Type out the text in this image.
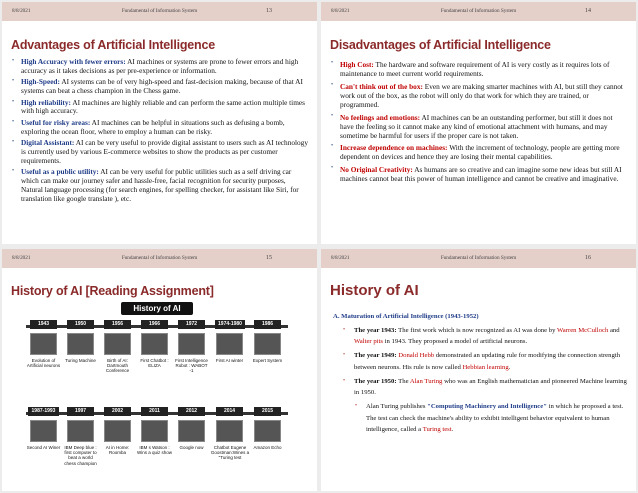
8/8/2021	Fundamental of Information System	13
Advantages of Artificial Intelligence
• High Accuracy with fewer errors: AI machines or systems are prone to fewer errors and high accuracy as it takes decisions as per pre-experience or information.
• High-Speed: AI systems can be of very high-speed and fast-decision making, because of that AI systems can beat a chess champion in the Chess game.
• High reliability: AI machines are highly reliable and can perform the same action multiple times with high accuracy.
• Useful for risky areas: AI machines can be helpful in situations such as defusing a bomb, exploring the ocean floor, where to employ a human can be risky.
• Digital Assistant: AI can be very useful to provide digital assistant to users such as AI technology is currently used by various E-commerce websites to show the products as per customer requirements.
• Useful as a public utility: AI can be very useful for public utilities such as a self driving car which can make our journey safer and hassle-free, facial recognition for security purposes, Natural language processing (for search engines, for spelling checker, for assistant like Siri, for translation like google translate ), etc.
8/8/2021	Fundamental of Information System	14
Disadvantages of Artificial Intelligence
• High Cost: The hardware and software requirement of AI is very costly as it requires lots of maintenance to meet current world requirements.
• Can't think out of the box: Even we are making smarter machines with AI, but still they cannot work out of the box, as the robot will only do that work for which they are trained, or programmed.
• No feelings and emotions: AI machines can be an outstanding performer, but still it does not have the feeling so it cannot make any kind of emotional attachment with humans, and may sometime be harmful for users if the proper care is not taken.
• Increase dependence on machines: With the increment of technology, people are getting more dependent on devices and hence they are losing their mental capabilities.
• No Original Creativity: As humans are so creative and can imagine some new ideas but still AI machines cannot beat this power of human intelligence and cannot be creative and imaginative.
8/8/2021	Fundamental of Information System	15
History of AI [Reading Assignment]
History of AI
1943
Evolution of Artificial neurons
1950
Turing Machine
1956
Birth of AI: Dartmouth Conference
1966
First Chatbot : ELIZA
1972
First Intelligence Robot : WABOT -1
1974-1980
First AI winter
1986
Expert System
1987-1993
Second AI Winer
1997
IBM Deep blue : first computer to beat a world chess champion
2002
AI in Home: Roomba
2011
IBM s Watson : Wins a quiz show
2012
Google now
2014
Chatbot Eugene Goostman:Wines a "Turing test
2015
Amazon Echo
8/8/2021	Fundamental of Information System	16
History of AI
A. Maturation of Artificial Intelligence (1943-1952)
• The year 1943: The first work which is now recognized as AI was done by Warren McCulloch and Walter pits in 1943. They proposed a model of artificial neurons.
• The year 1949: Donald Hebb demonstrated an updating rule for modifying the connection strength between neurons. His rule is now called Hebbian learning.
• The year 1950: The Alan Turing who was an English mathematician and pioneered Machine learning in 1950.
• Alan Turing publishes "Computing Machinery and Intelligence" in which he proposed a test. The test can check the machine's ability to exhibit intelligent behavior equivalent to human intelligence, called a Turing test.
